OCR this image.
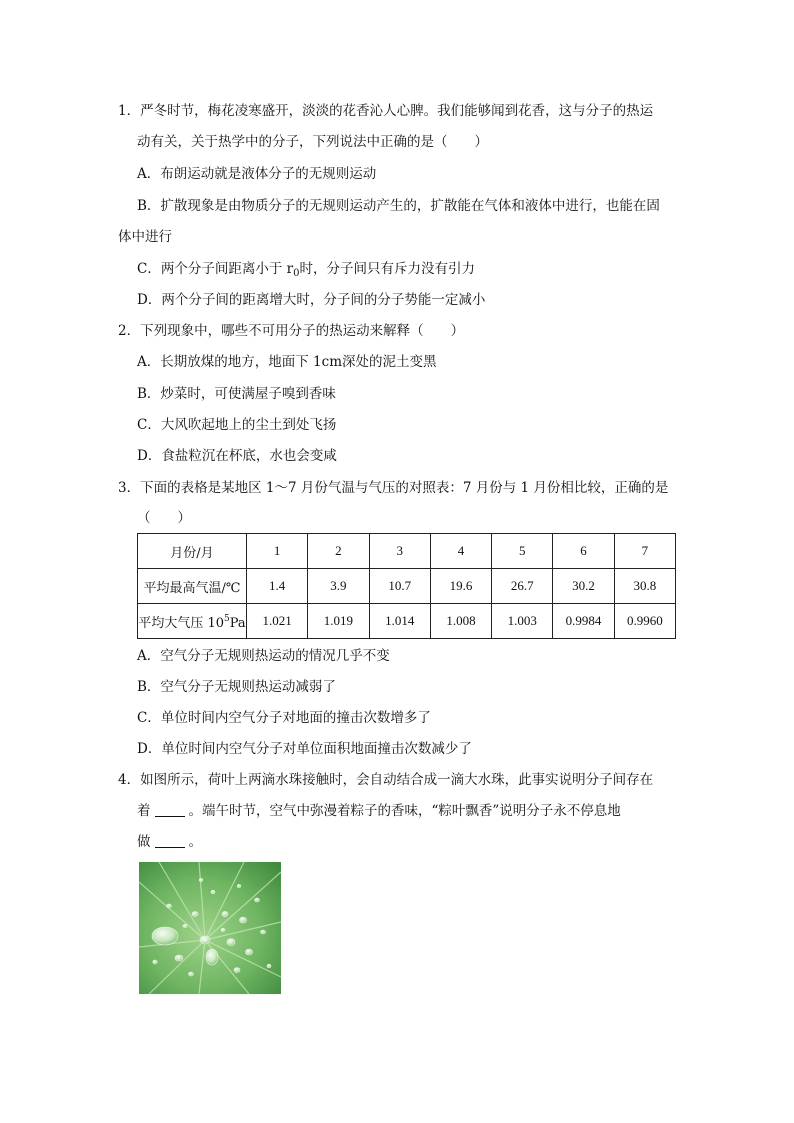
1．严冬时节，梅花凌寒盛开，淡淡的花香沁人心脾。我们能够闻到花香，这与分子的热运
动有关，关于热学中的分子，下列说法中正确的是（　　）
A．布朗运动就是液体分子的无规则运动
B．扩散现象是由物质分子的无规则运动产生的，扩散能在气体和液体中进行，也能在固
体中进行
C．两个分子间距离小于 $r_0$时，分子间只有斥力没有引力
D．两个分子间的距离增大时，分子间的分子势能一定减小
2．下列现象中，哪些不可用分子的热运动来解释（　　）
A．长期放煤的地方，地面下 1cm深处的泥土变黑
B．炒菜时，可使满屋子嗅到香味
C．大风吹起地上的尘土到处飞扬
D．食盐粒沉在杯底，水也会变咸
3．下面的表格是某地区 1～7 月份气温与气压的对照表：7 月份与 1 月份相比较，正确的是
（　　）
月份/月	1	2	3	4	5	6	7
平均最高气温/℃	1.4	3.9	10.7	19.6	26.7	30.2	30.8
平均大气压 $10^5Pa$	1.021	1.019	1.014	1.008	1.003	0.9984	0.9960
A．空气分子无规则热运动的情况几乎不变
B．空气分子无规则热运动减弱了
C．单位时间内空气分子对地面的撞击次数增多了
D．单位时间内空气分子对单位面积地面撞击次数减少了
4．如图所示，荷叶上两滴水珠接触时，会自动结合成一滴大水珠，此事实说明分子间存在
着	。端午时节，空气中弥漫着粽子的香味，“粽叶飘香”说明分子永不停息地
做	。
